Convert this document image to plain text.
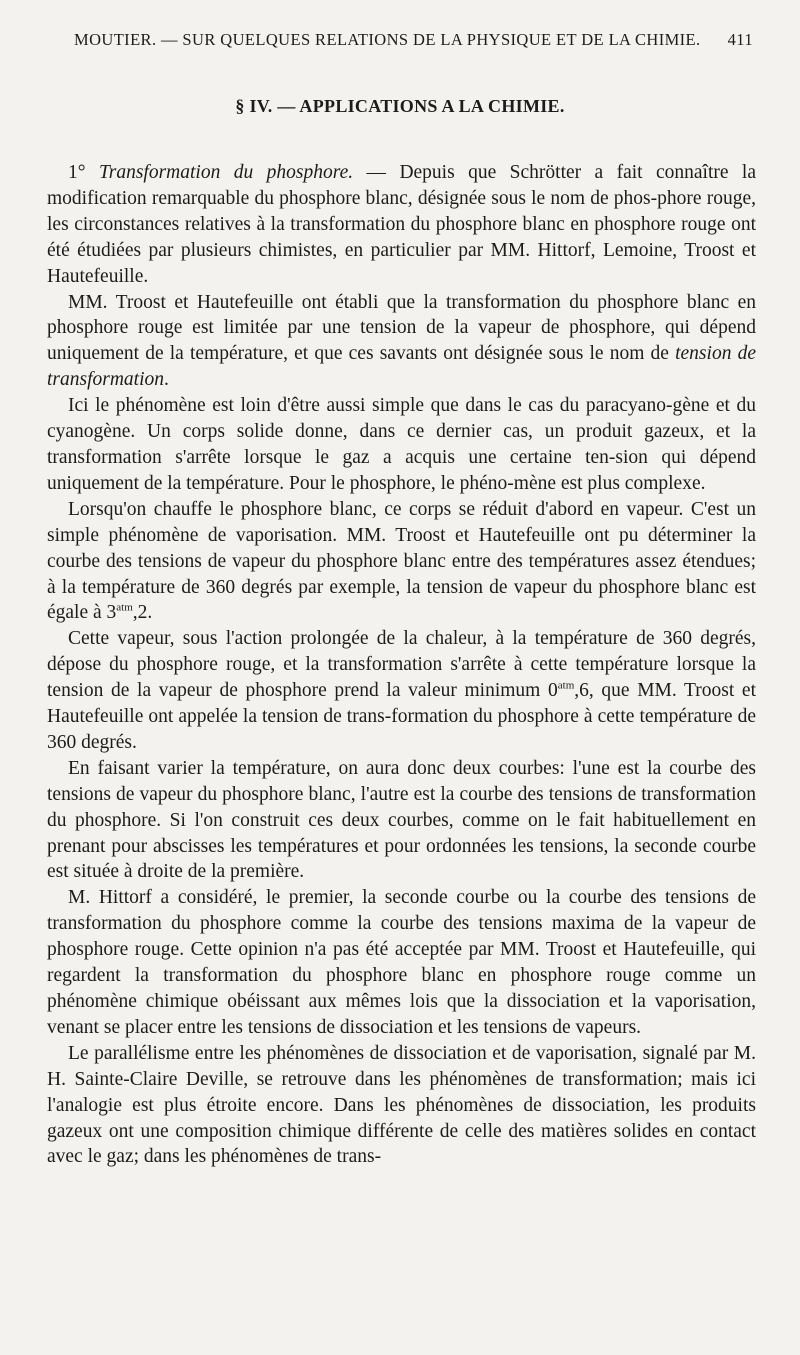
MOUTIER. — SUR QUELQUES RELATIONS DE LA PHYSIQUE ET DE LA CHIMIE. 411
§ IV. — APPLICATIONS A LA CHIMIE.

1° Transformation du phosphore. — Depuis que Schrötter a fait connaître la modification remarquable du phosphore blanc, désignée sous le nom de phos-phore rouge, les circonstances relatives à la transformation du phosphore blanc en phosphore rouge ont été étudiées par plusieurs chimistes, en particulier par MM. Hittorf, Lemoine, Troost et Hautefeuille.

MM. Troost et Hautefeuille ont établi que la transformation du phosphore blanc en phosphore rouge est limitée par une tension de la vapeur de phosphore, qui dépend uniquement de la température, et que ces savants ont désignée sous le nom de tension de transformation.

Ici le phénomène est loin d'être aussi simple que dans le cas du paracyano-gène et du cyanogène. Un corps solide donne, dans ce dernier cas, un produit gazeux, et la transformation s'arrête lorsque le gaz a acquis une certaine ten-sion qui dépend uniquement de la température. Pour le phosphore, le phéno-mène est plus complexe.

Lorsqu'on chauffe le phosphore blanc, ce corps se réduit d'abord en vapeur. C'est un simple phénomène de vaporisation. MM. Troost et Hautefeuille ont pu déterminer la courbe des tensions de vapeur du phosphore blanc entre des températures assez étendues; à la température de 360 degrés par exemple, la tension de vapeur du phosphore blanc est égale à $3^{atm},2$.

Cette vapeur, sous l'action prolongée de la chaleur, à la température de 360 degrés, dépose du phosphore rouge, et la transformation s'arrête à cette température lorsque la tension de la vapeur de phosphore prend la valeur minimum $0^{atm},6$, que MM. Troost et Hautefeuille ont appelée la tension de trans-formation du phosphore à cette température de 360 degrés.

En faisant varier la température, on aura donc deux courbes: l'une est la courbe des tensions de vapeur du phosphore blanc, l'autre est la courbe des tensions de transformation du phosphore. Si l'on construit ces deux courbes, comme on le fait habituellement en prenant pour abscisses les températures et pour ordonnées les tensions, la seconde courbe est située à droite de la première.

M. Hittorf a considéré, le premier, la seconde courbe ou la courbe des tensions de transformation du phosphore comme la courbe des tensions maxima de la vapeur de phosphore rouge. Cette opinion n'a pas été acceptée par MM. Troost et Hautefeuille, qui regardent la transformation du phosphore blanc en phosphore rouge comme un phénomène chimique obéissant aux mêmes lois que la dissociation et la vaporisation, venant se placer entre les tensions de dissociation et les tensions de vapeurs.

Le parallélisme entre les phénomènes de dissociation et de vaporisation, signalé par M. H. Sainte-Claire Deville, se retrouve dans les phénomènes de transformation; mais ici l'analogie est plus étroite encore. Dans les phénomènes de dissociation, les produits gazeux ont une composition chimique différente de celle des matières solides en contact avec le gaz; dans les phénomènes de trans-
